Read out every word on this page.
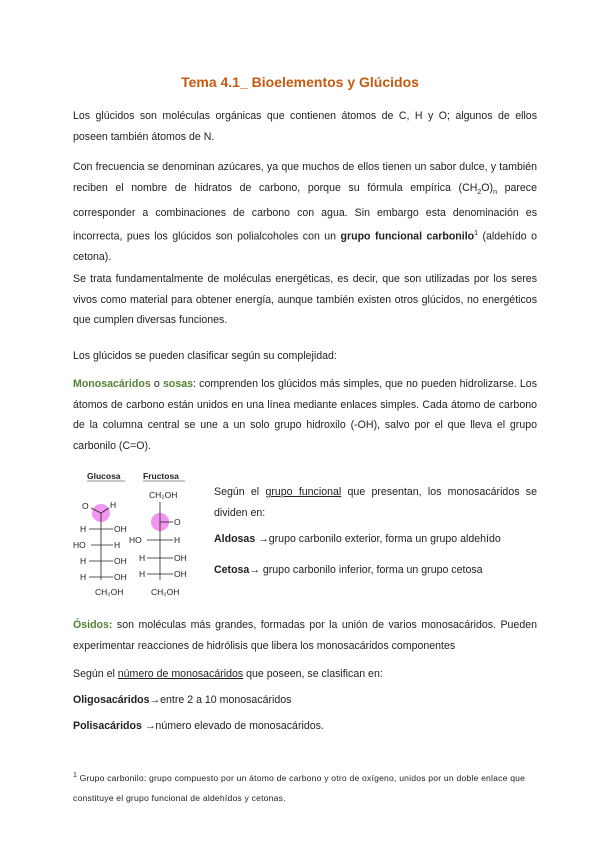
Tema 4.1_ Bioelementos y Glúcidos

Los glúcidos son moléculas orgánicas que contienen átomos de C, H y O; algunos de ellos poseen también átomos de N.

Con frecuencia se denominan azúcares, ya que muchos de ellos tienen un sabor dulce, y también reciben el nombre de hidratos de carbono, porque su fórmula empírica $(CH_2O)_n$ parece corresponder a combinaciones de carbono con agua. Sin embargo esta denominación es incorrecta, pues los glúcidos son polialcoholes con un grupo funcional carbonilo$^1$ (aldehído o cetona).

Se trata fundamentalmente de moléculas energéticas, es decir, que son utilizadas por los seres vivos como material para obtener energía, aunque también existen otros glúcidos, no energéticos que cumplen diversas funciones.

Los glúcidos se pueden clasificar según su complejidad:

Monosacáridos o sosas: comprenden los glúcidos más simples, que no pueden hidrolizarse. Los átomos de carbono están unidos en una línea mediante enlaces simples. Cada átomo de carbono de la columna central se une a un solo grupo hidroxilo (-OH), salvo por el que lleva el grupo carbonilo (C=O).

Glucosa	Fructosa
O	H
H	OH
HO	H
H	OH
H	OH
CH₂OH
CH₂OH
O
HO	H
H	OH
H	OH
CH₂OH

Según el grupo funcional que presentan, los monosacáridos se dividen en:

Aldosas →grupo carbonilo exterior, forma un grupo aldehído

Cetosa→ grupo carbonilo inferior, forma un grupo cetosa

Ósidos: son moléculas más grandes, formadas por la unión de varios monosacáridos. Pueden experimentar reacciones de hidrólisis que libera los monosacáridos componentes

Según el número de monosacáridos que poseen, se clasifican en:

Oligosacáridos→entre 2 a 10 monosacáridos

Polisacáridos →número elevado de monosacáridos.

$^1$ Grupo carbonilo: grupo compuesto por un átomo de carbono y otro de oxígeno, unidos por un doble enlace que constituye el grupo funcional de aldehídos y cetonas.
